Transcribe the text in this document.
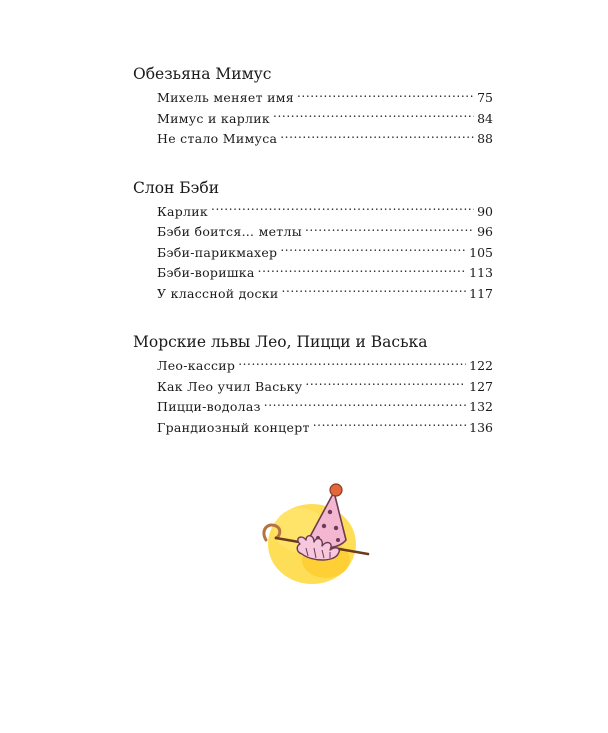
Обезьяна Мимус
Михель меняет имя . . .	75
Мимус и карлик . . .	84
Не стало Мимуса . . .	88
Слон Бэби
Карлик . . .	90
Бэби боится… метлы . . .	96
Бэби-парикмахер . . .	105
Бэби-воришка . . .	113
У классной доски . . .	117
Морские львы Лео, Пицци и Васька
Лео-кассир . . .	122
Как Лео учил Ваську . . .	127
Пицци-водолаз . . .	132
Грандиозный концерт . . .	136
